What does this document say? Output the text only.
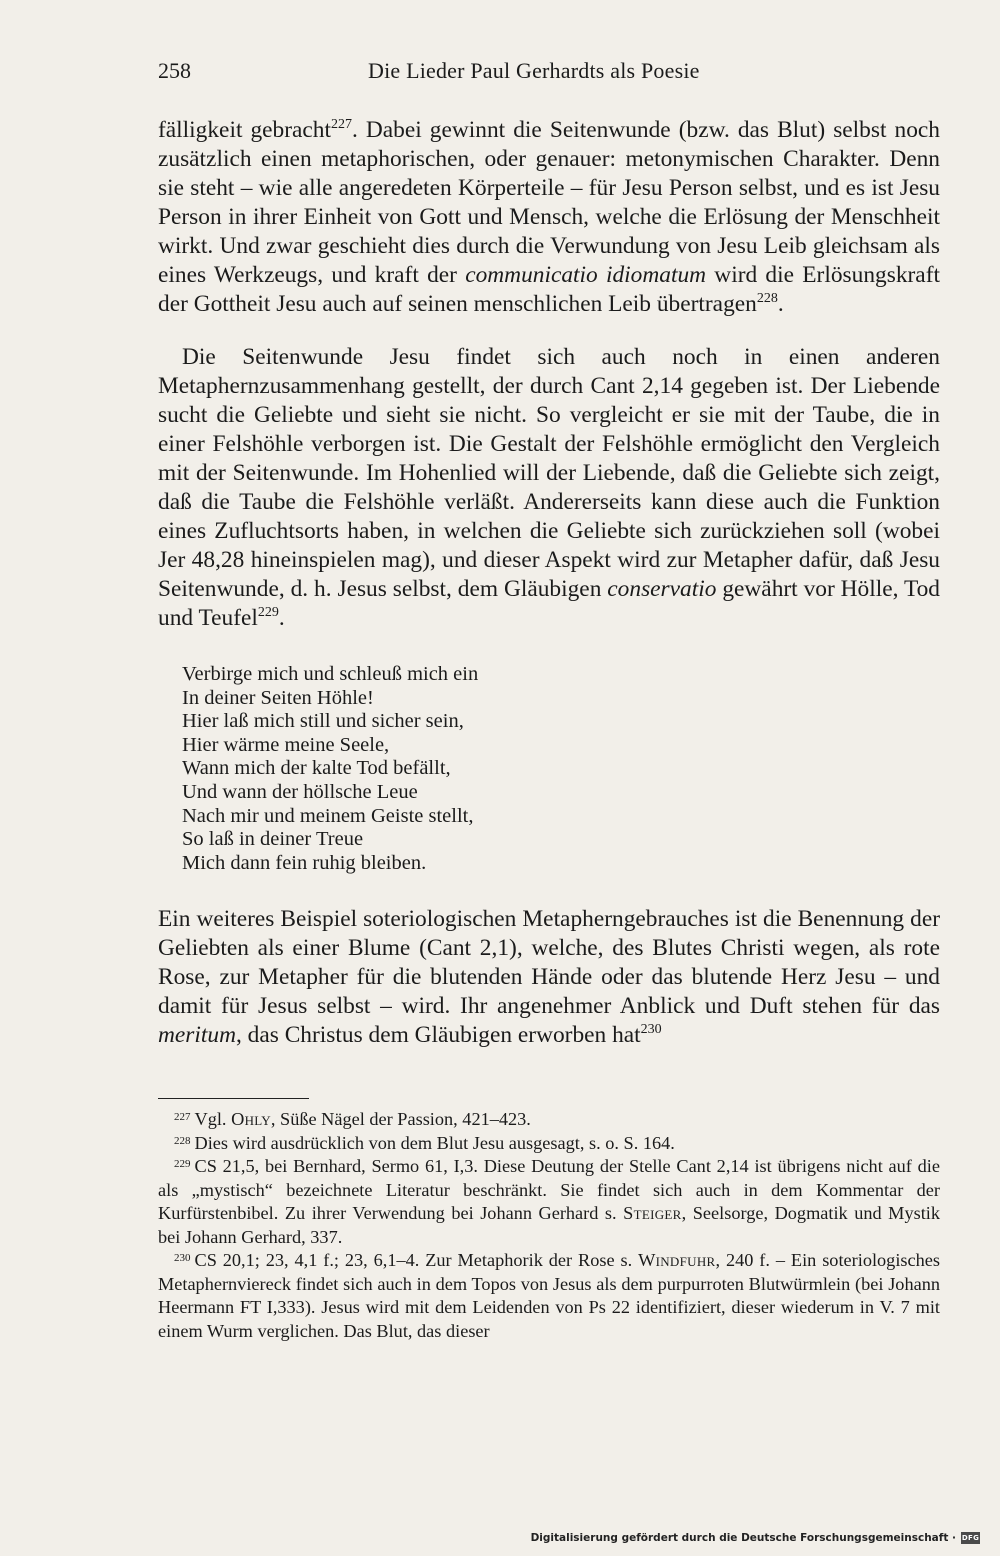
258	Die Lieder Paul Gerhardts als Poesie

fälligkeit gebracht$^{227}$. Dabei gewinnt die Seitenwunde (bzw. das Blut) selbst noch zusätzlich einen metaphorischen, oder genauer: metonymischen Charakter. Denn sie steht – wie alle angeredeten Körperteile – für Jesu Person selbst, und es ist Jesu Person in ihrer Einheit von Gott und Mensch, welche die Erlösung der Menschheit wirkt. Und zwar geschieht dies durch die Verwundung von Jesu Leib gleichsam als eines Werkzeugs, und kraft der communicatio idiomatum wird die Erlösungskraft der Gottheit Jesu auch auf seinen menschlichen Leib übertragen$^{228}$.

Die Seitenwunde Jesu findet sich auch noch in einen anderen Metaphernzusammenhang gestellt, der durch Cant 2,14 gegeben ist. Der Liebende sucht die Geliebte und sieht sie nicht. So vergleicht er sie mit der Taube, die in einer Felshöhle verborgen ist. Die Gestalt der Felshöhle ermöglicht den Vergleich mit der Seitenwunde. Im Hohenlied will der Liebende, daß die Geliebte sich zeigt, daß die Taube die Felshöhle verläßt. Andererseits kann diese auch die Funktion eines Zufluchtsorts haben, in welchen die Geliebte sich zurückziehen soll (wobei Jer 48,28 hineinspielen mag), und dieser Aspekt wird zur Metapher dafür, daß Jesu Seitenwunde, d. h. Jesus selbst, dem Gläubigen conservatio gewährt vor Hölle, Tod und Teufel$^{229}$.

Verbirge mich und schleuß mich ein
In deiner Seiten Höhle!
Hier laß mich still und sicher sein,
Hier wärme meine Seele,
Wann mich der kalte Tod befällt,
Und wann der höllsche Leue
Nach mir und meinem Geiste stellt,
So laß in deiner Treue
Mich dann fein ruhig bleiben.

Ein weiteres Beispiel soteriologischen Metapherngebrauches ist die Benennung der Geliebten als einer Blume (Cant 2,1), welche, des Blutes Christi wegen, als rote Rose, zur Metapher für die blutenden Hände oder das blutende Herz Jesu – und damit für Jesus selbst – wird. Ihr angenehmer Anblick und Duft stehen für das meritum, das Christus dem Gläubigen erworben hat$^{230}$

$^{227}$ Vgl. Ohly, Süße Nägel der Passion, 421–423.

$^{228}$ Dies wird ausdrücklich von dem Blut Jesu ausgesagt, s. o. S. 164.

$^{229}$ CS 21,5, bei Bernhard, Sermo 61, I,3. Diese Deutung der Stelle Cant 2,14 ist übrigens nicht auf die als „mystisch“ bezeichnete Literatur beschränkt. Sie findet sich auch in dem Kommentar der Kurfürstenbibel. Zu ihrer Verwendung bei Johann Gerhard s. Steiger, Seelsorge, Dogmatik und Mystik bei Johann Gerhard, 337.

$^{230}$ CS 20,1; 23, 4,1 f.; 23, 6,1–4. Zur Metaphorik der Rose s. Windfuhr, 240 f. – Ein soteriologisches Metaphernviereck findet sich auch in dem Topos von Jesus als dem purpurroten Blutwürmlein (bei Johann Heermann FT I,333). Jesus wird mit dem Leidenden von Ps 22 identifiziert, dieser wiederum in V. 7 mit einem Wurm verglichen. Das Blut, das dieser

Digitalisierung gefördert durch die Deutsche Forschungsgemeinschaft · DFG
